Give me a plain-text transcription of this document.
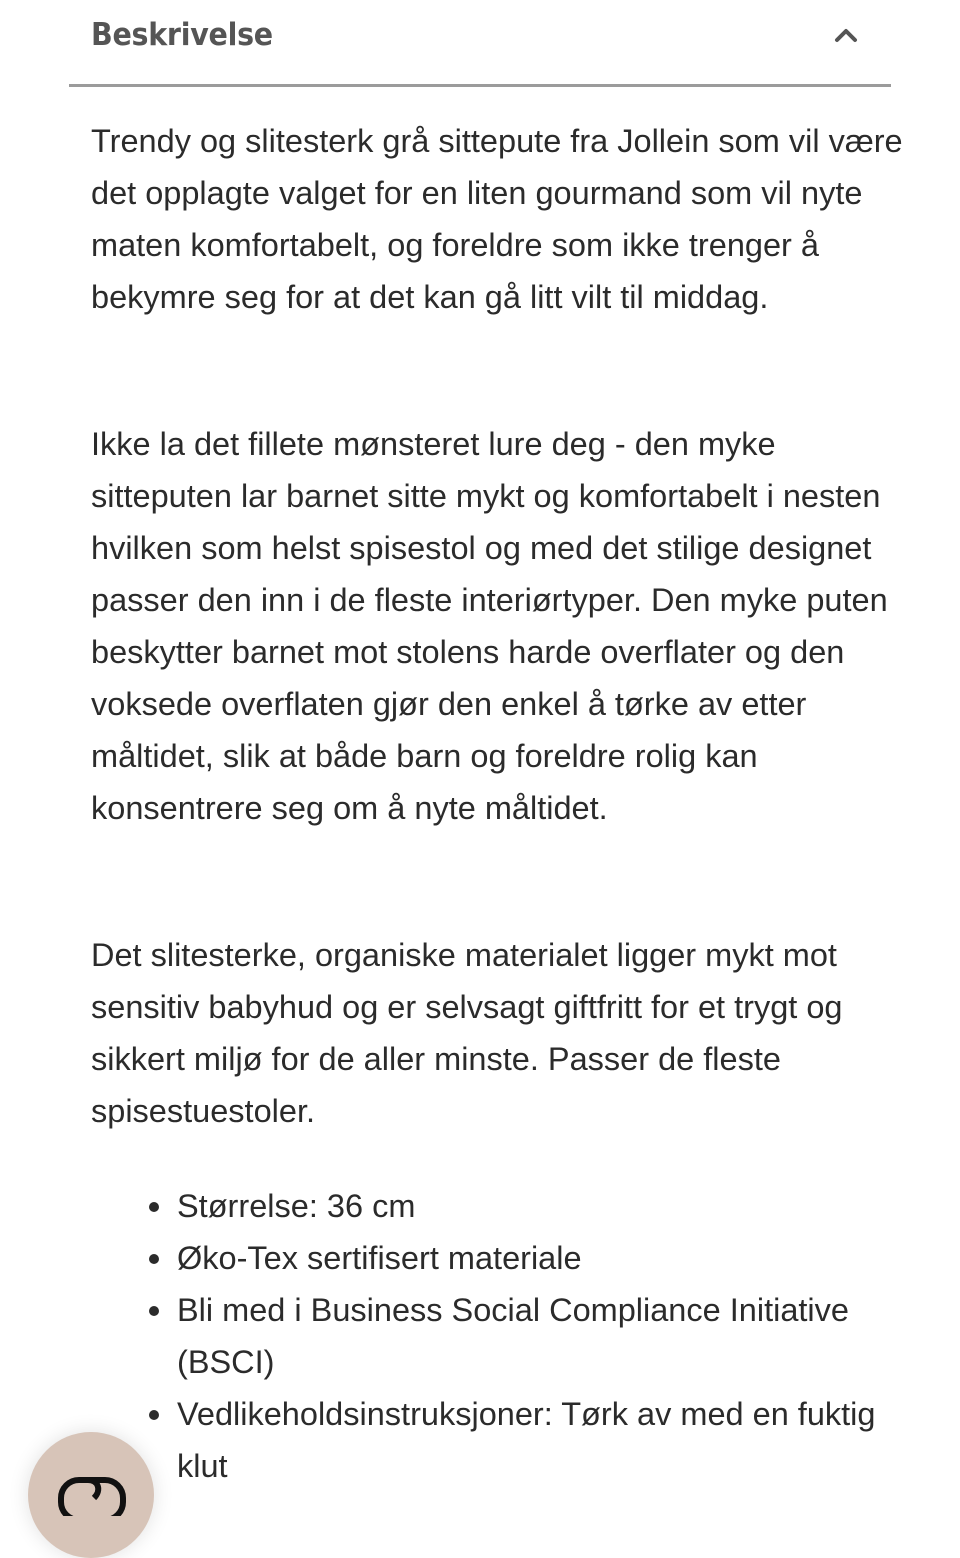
Beskrivelse

Trendy og slitesterk grå sittepute fra Jollein som vil være det opplagte valget for en liten gourmand som vil nyte maten komfortabelt, og foreldre som ikke trenger å bekymre seg for at det kan gå litt vilt til middag.

Ikke la det fillete mønsteret lure deg - den myke sitteputen lar barnet sitte mykt og komfortabelt i nesten hvilken som helst spisestol og med det stilige designet passer den inn i de fleste interiørtyper. Den myke puten beskytter barnet mot stolens harde overflater og den voksede overflaten gjør den enkel å tørke av etter måltidet, slik at både barn og foreldre rolig kan konsentrere seg om å nyte måltidet.

Det slitesterke, organiske materialet ligger mykt mot sensitiv babyhud og er selvsagt giftfritt for et trygt og sikkert miljø for de aller minste. Passer de fleste spisestuestoler.

Størrelse: 36 cm
Øko-Tex sertifisert materiale
Bli med i Business Social Compliance Initiative (BSCI)
Vedlikeholdsinstruksjoner: Tørk av med en fuktig klut
